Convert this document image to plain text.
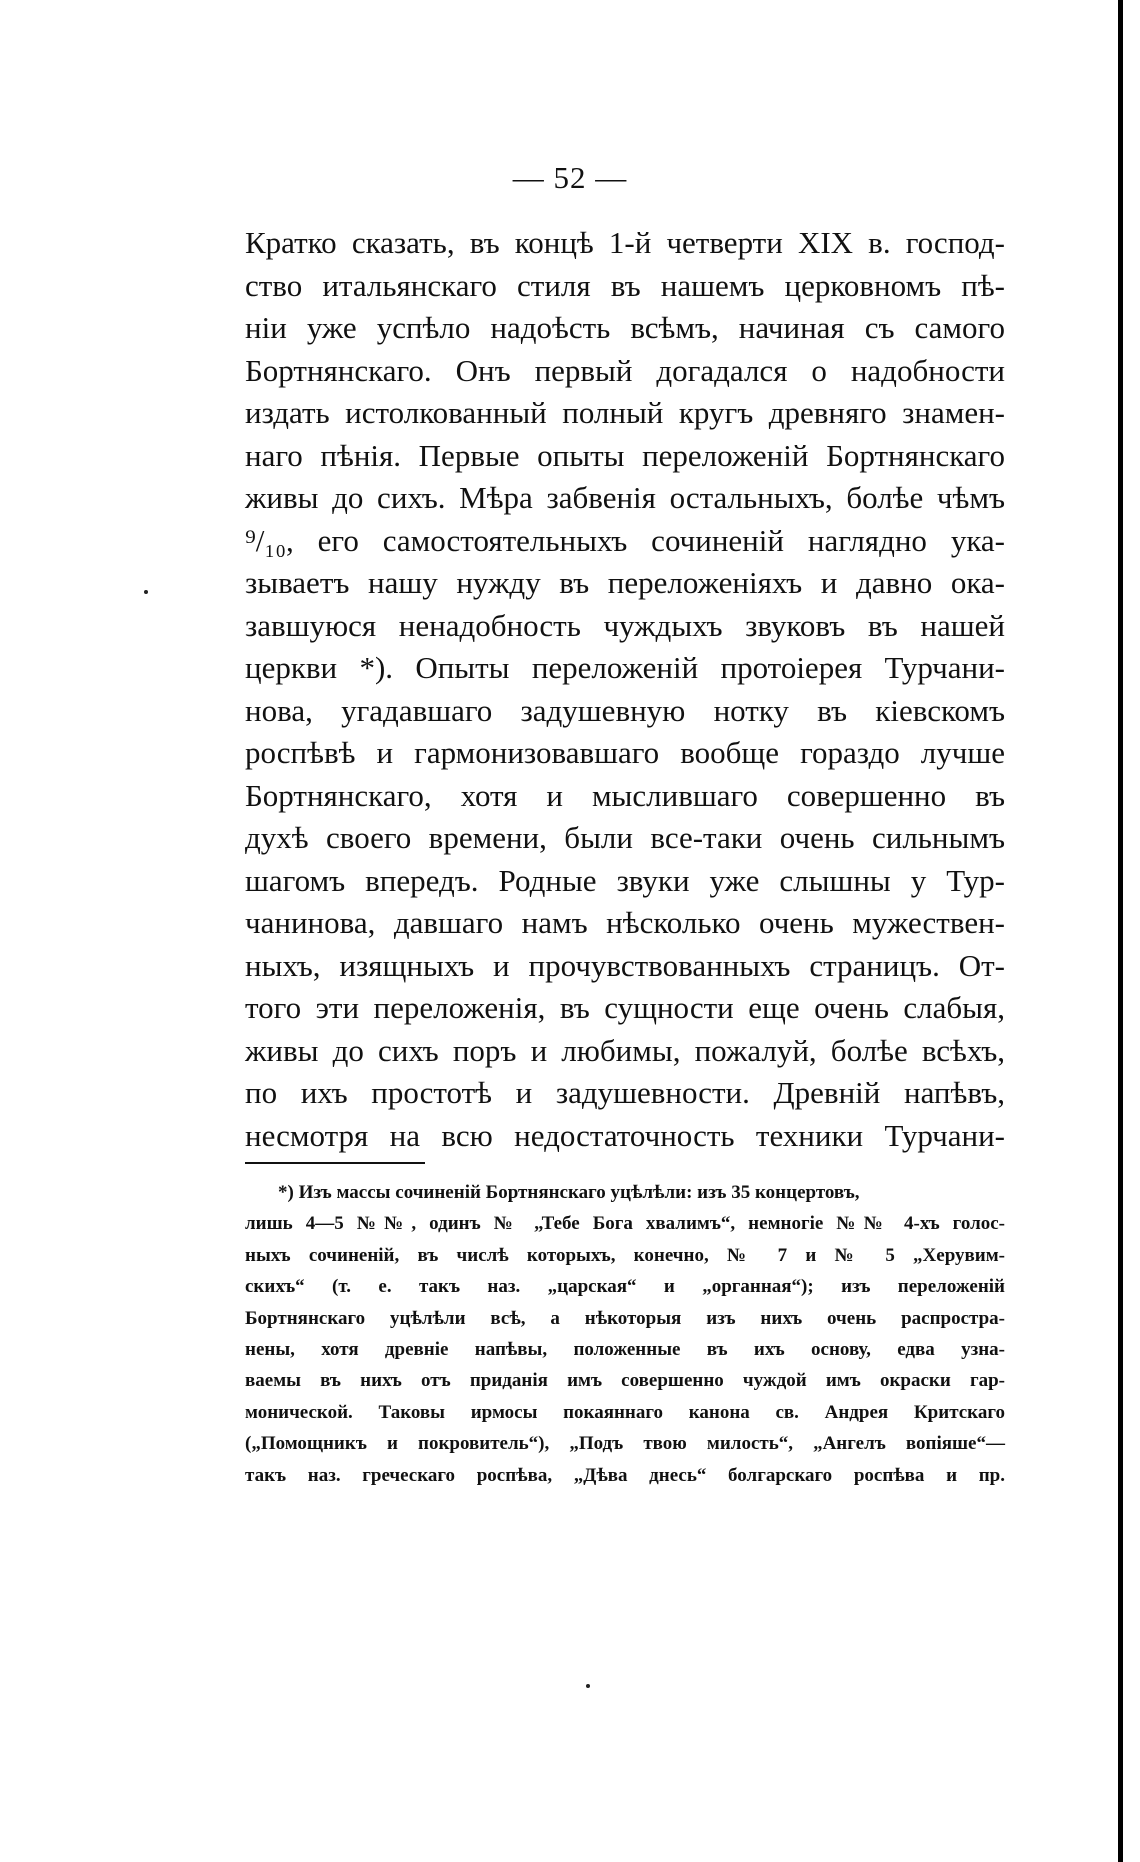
— 52 —
Кратко сказать, въ концѣ 1-й четверти XIX в. господ-
ство итальянскаго стиля въ нашемъ церковномъ пѣ-
нiи уже успѣло надоѣсть всѣмъ, начиная съ самого
Бортнянскаго. Онъ первый догадался о надобности
издать истолкованный полный кругъ древняго знамен-
наго пѣнiя. Первые опыты переложенiй Бортнянскаго
живы до сихъ. Мѣра забвенiя остальныхъ, болѣе чѣмъ
⁹/₁₀, его самостоятельныхъ сочиненiй наглядно ука-
зываетъ нашу нужду въ переложенiяхъ и давно ока-
завшуюся ненадобность чуждыхъ звуковъ въ нашей
церкви *). Опыты переложенiй протоiерея Турчани-
нова, угадавшаго задушевную нотку въ кiевскомъ
роспѣвѣ и гармонизовавшаго вообще гораздо лучше
Бортнянскаго, хотя и мыслившаго совершенно въ
духѣ своего времени, были все-таки очень сильнымъ
шагомъ впередъ. Родные звуки уже слышны у Тур-
чанинова, давшаго намъ нѣсколько очень мужествен-
ныхъ, изящныхъ и прочувствованныхъ страницъ. От-
того эти переложенiя, въ сущности еще очень слабыя,
живы до сихъ поръ и любимы, пожалуй, болѣе всѣхъ,
по ихъ простотѣ и задушевности. Древнiй напѣвъ,
несмотря на всю недостаточность техники Турчани-
*) Изъ массы сочиненiй Бортнянскаго уцѣлѣли: изъ 35 концертовъ,
лишь 4—5 №№, одинъ № „Тебе Бога хвалимъ“, немногiе №№ 4-хъ голос-
ныхъ сочиненiй, въ числѣ которыхъ, конечно, № 7 и № 5 „Херувим-
скихъ“ (т. е. такъ наз. „царская“ и „органная“); изъ переложенiй
Бортнянскаго уцѣлѣли всѣ, а нѣкоторыя изъ нихъ очень распростра-
нены, хотя древнiе напѣвы, положенные въ ихъ основу, едва узна-
ваемы въ нихъ отъ приданiя имъ совершенно чуждой имъ окраски гар-
монической. Таковы ирмосы покаяннаго канона св. Андрея Критскаго
(„Помощникъ и покровитель“), „Подъ твою милость“, „Ангелъ вопiяше“—
такъ наз. греческаго роспѣва, „Дѣва днесь“ болгарскаго роспѣва и пр.
